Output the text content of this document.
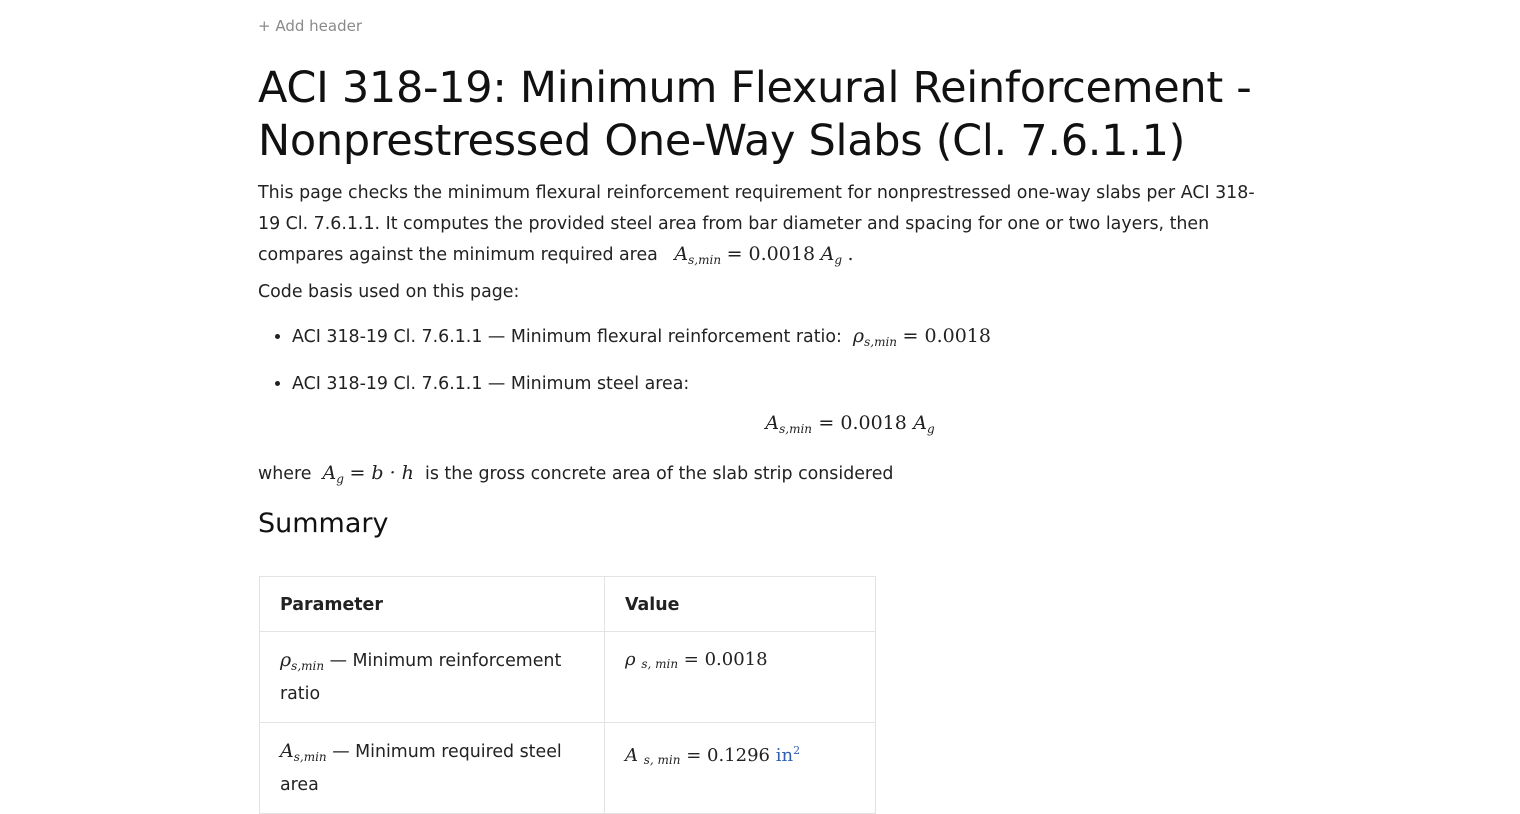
+ Add header
ACI 318-19: Minimum Flexural Reinforcement - Nonprestressed One-Way Slabs (Cl. 7.6.1.1)

This page checks the minimum flexural reinforcement requirement for nonprestressed one-way slabs per ACI 318-19 Cl. 7.6.1.1. It computes the provided steel area from bar diameter and spacing for one or two layers, then compares against the minimum required area $A_{s,min} = 0.0018$ $A_g$ .

Code basis used on this page:

• ACI 318-19 Cl. 7.6.1.1 — Minimum flexural reinforcement ratio: $\rho_{s,min} = 0.0018$
• ACI 318-19 Cl. 7.6.1.1 — Minimum steel area:
$A_{s,min} = 0.0018$ $A_g$

where $A_g = b \cdot h$ is the gross concrete area of the slab strip considered

Summary
Parameter	Value
$\rho_{s,min}$ — Minimum reinforcement ratio	ρ s, min = 0.0018
$A_{s,min}$ — Minimum required steel area	A s, min = 0.1296 $in^2$
